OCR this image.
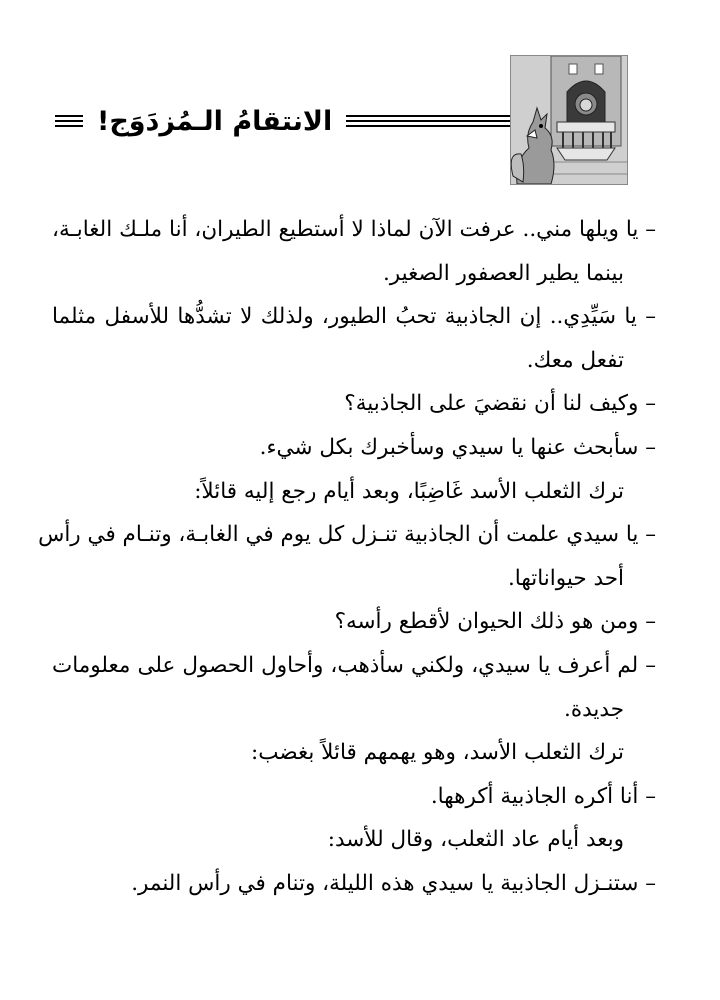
الانتقامُ الـمُزدَوَج!
– يا ويلها مني.. عرفت الآن لماذا لا أستطيع الطيران، أنا ملـك الغابـة،
بينما يطير العصفور الصغير.
– يا سَيِّدِي.. إن الجاذبية تحبُ الطيور، ولذلك لا تشدُّها للأسفل مثلما
تفعل معك.
– وكيف لنا أن نقضيَ على الجاذبية؟
– سأبحث عنها يا سيدي وسأخبرك بكل شيء.
ترك الثعلب الأسد غَاضِبًا، وبعد أيام رجع إليه قائلاً:
– يا سيدي علمت أن الجاذبية تنـزل كل يوم في الغابـة، وتنـام في رأس
أحد حيواناتها.
– ومن هو ذلك الحيوان لأقطع رأسه؟
– لم أعرف يا سيدي، ولكني سأذهب، وأحاول الحصول على معلومات
جديدة.
ترك الثعلب الأسد، وهو يهمهم قائلاً بغضب:
– أنا أكره الجاذبية أكرهها.
وبعد أيام عاد الثعلب، وقال للأسد:
– ستنـزل الجاذبية يا سيدي هذه الليلة، وتنام في رأس النمر.
